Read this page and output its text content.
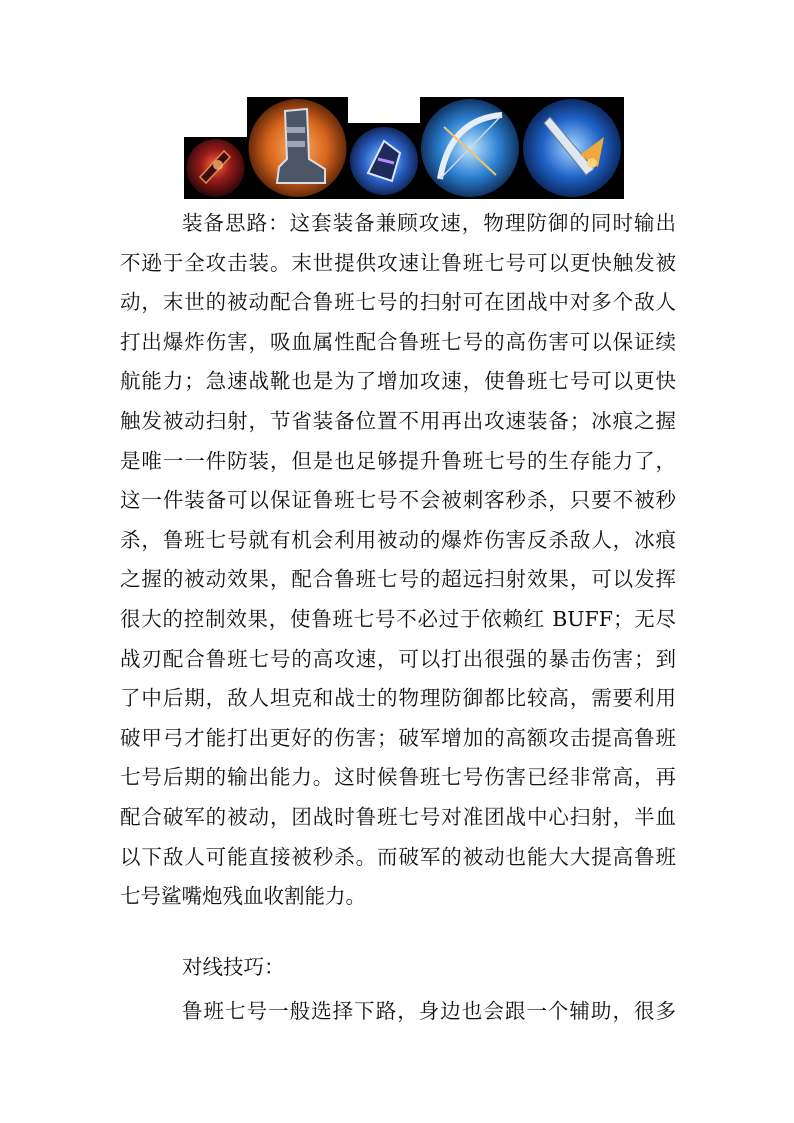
装备思路：这套装备兼顾攻速，物理防御的同时输出
不逊于全攻击装。末世提供攻速让鲁班七号可以更快触发被
动，末世的被动配合鲁班七号的扫射可在团战中对多个敌人
打出爆炸伤害，吸血属性配合鲁班七号的高伤害可以保证续
航能力；急速战靴也是为了增加攻速，使鲁班七号可以更快
触发被动扫射，节省装备位置不用再出攻速装备；冰痕之握
是唯一一件防装，但是也足够提升鲁班七号的生存能力了，
这一件装备可以保证鲁班七号不会被刺客秒杀，只要不被秒
杀，鲁班七号就有机会利用被动的爆炸伤害反杀敌人，冰痕
之握的被动效果，配合鲁班七号的超远扫射效果，可以发挥
很大的控制效果，使鲁班七号不必过于依赖红 BUFF；无尽
战刃配合鲁班七号的高攻速，可以打出很强的暴击伤害；到
了中后期，敌人坦克和战士的物理防御都比较高，需要利用
破甲弓才能打出更好的伤害；破军增加的高额攻击提高鲁班
七号后期的输出能力。这时候鲁班七号伤害已经非常高，再
配合破军的被动，团战时鲁班七号对准团战中心扫射，半血
以下敌人可能直接被秒杀。而破军的被动也能大大提高鲁班
七号鲨嘴炮残血收割能力。
对线技巧：
鲁班七号一般选择下路，身边也会跟一个辅助，很多
